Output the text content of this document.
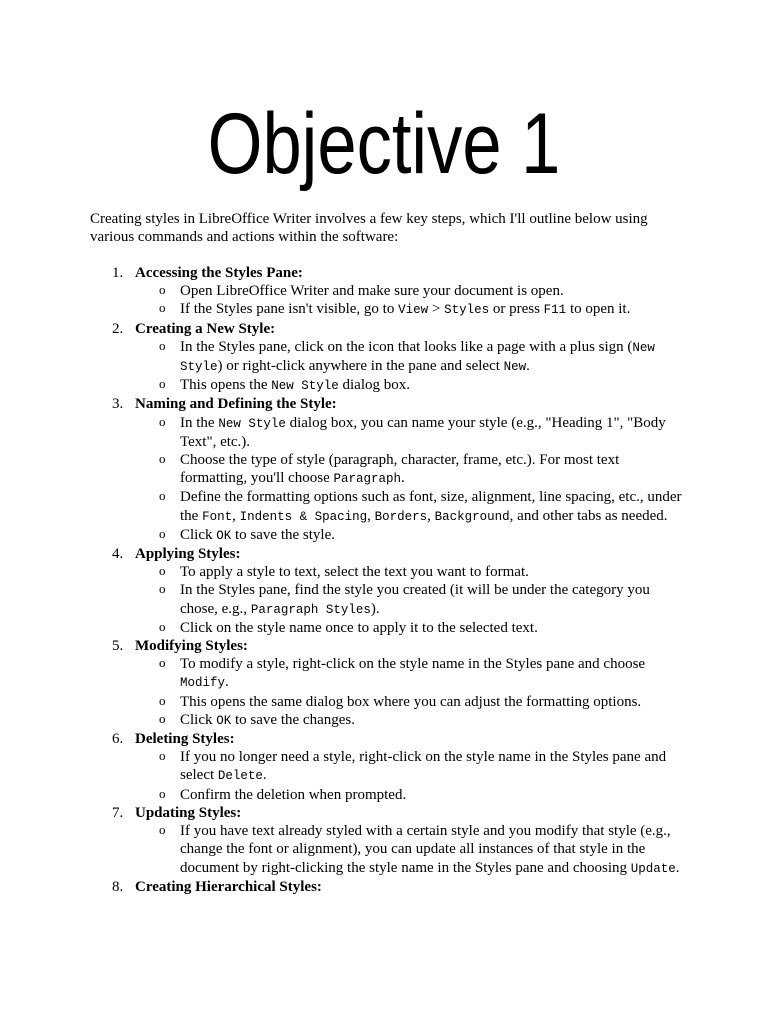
Objective 1

Creating styles in LibreOffice Writer involves a few key steps, which I'll outline below using various commands and actions within the software:

1. Accessing the Styles Pane:
o Open LibreOffice Writer and make sure your document is open.
o If the Styles pane isn't visible, go to View > Styles or press F11 to open it.
2. Creating a New Style:
o In the Styles pane, click on the icon that looks like a page with a plus sign (New Style) or right-click anywhere in the pane and select New.
o This opens the New Style dialog box.
3. Naming and Defining the Style:
o In the New Style dialog box, you can name your style (e.g., "Heading 1", "Body Text", etc.).
o Choose the type of style (paragraph, character, frame, etc.). For most text formatting, you'll choose Paragraph.
o Define the formatting options such as font, size, alignment, line spacing, etc., under the Font, Indents & Spacing, Borders, Background, and other tabs as needed.
o Click OK to save the style.
4. Applying Styles:
o To apply a style to text, select the text you want to format.
o In the Styles pane, find the style you created (it will be under the category you chose, e.g., Paragraph Styles).
o Click on the style name once to apply it to the selected text.
5. Modifying Styles:
o To modify a style, right-click on the style name in the Styles pane and choose Modify.
o This opens the same dialog box where you can adjust the formatting options.
o Click OK to save the changes.
6. Deleting Styles:
o If you no longer need a style, right-click on the style name in the Styles pane and select Delete.
o Confirm the deletion when prompted.
7. Updating Styles:
o If you have text already styled with a certain style and you modify that style (e.g., change the font or alignment), you can update all instances of that style in the document by right-clicking the style name in the Styles pane and choosing Update.
8. Creating Hierarchical Styles:
